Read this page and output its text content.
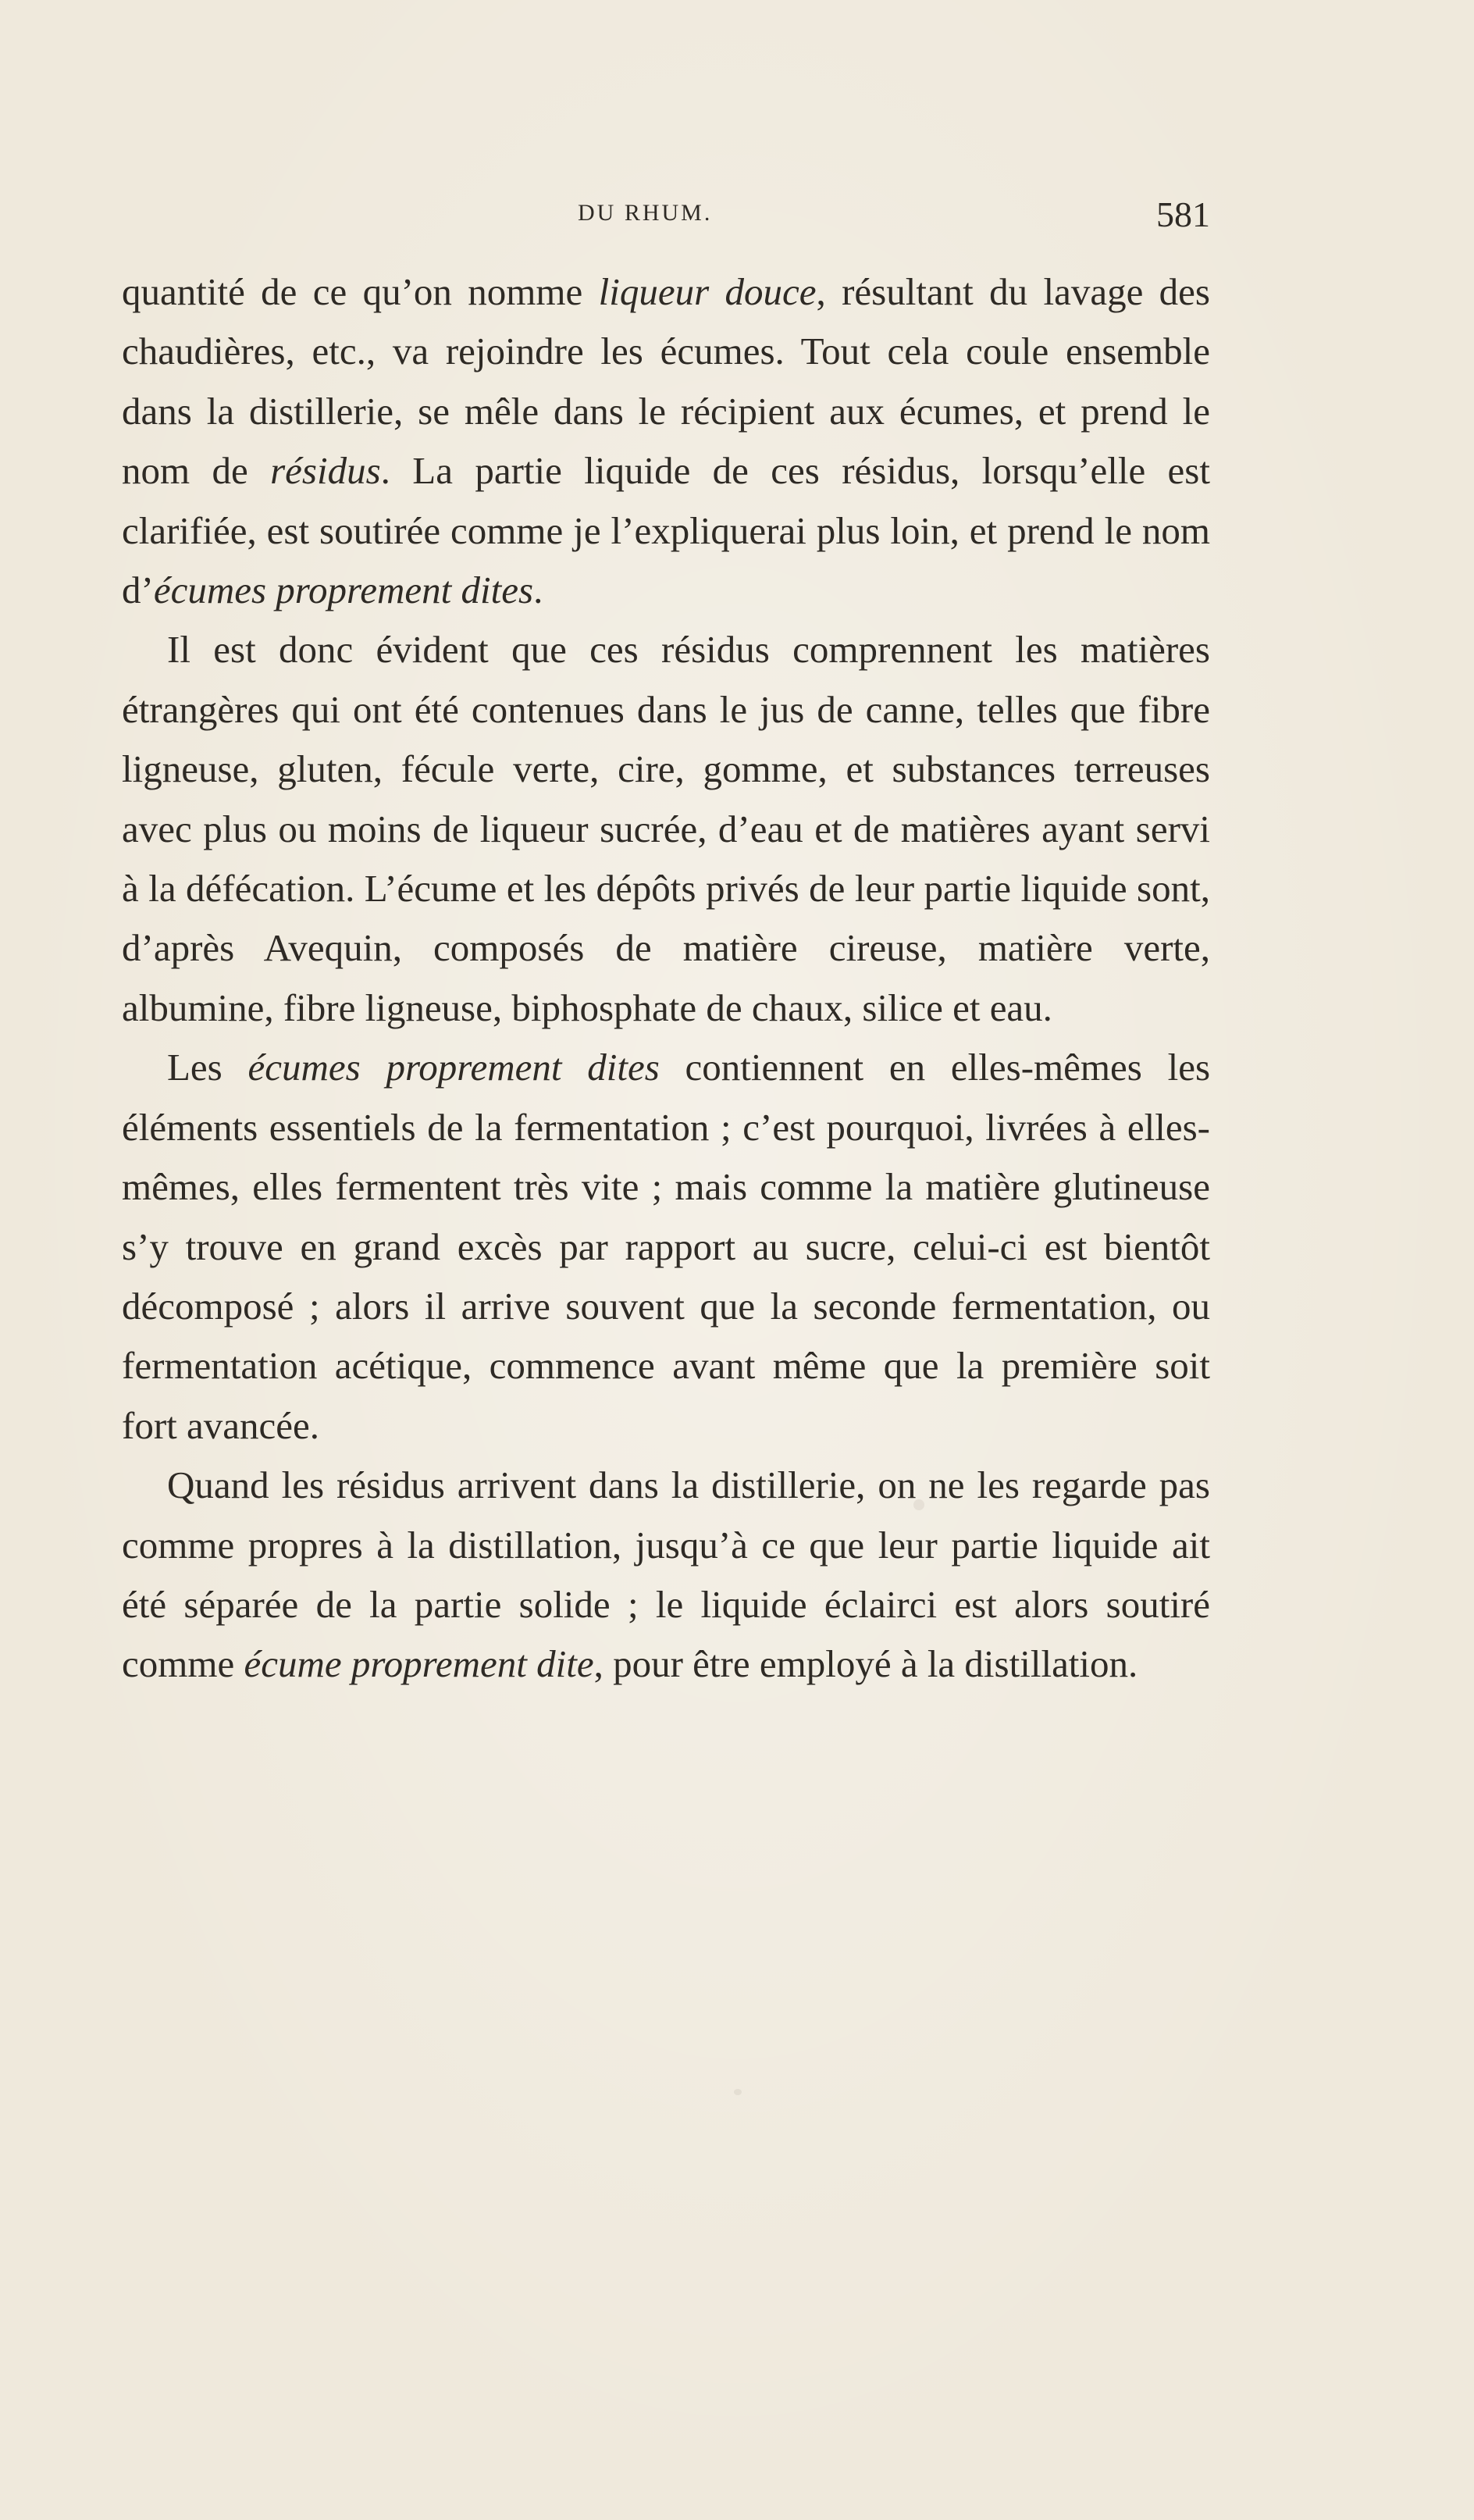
DU RHUM.	581

quantité de ce qu’on nomme liqueur douce, résultant du lavage des chaudières, etc., va rejoindre les écumes. Tout cela coule ensemble dans la distillerie, se mêle dans le récipient aux écumes, et prend le nom de résidus. La partie liquide de ces résidus, lorsqu’elle est clarifiée, est soutirée comme je l’expliquerai plus loin, et prend le nom d’écumes proprement dites.

Il est donc évident que ces résidus comprennent les matières étrangères qui ont été contenues dans le jus de canne, telles que fibre ligneuse, gluten, fécule verte, cire, gomme, et substances terreuses avec plus ou moins de liqueur sucrée, d’eau et de matières ayant servi à la défécation. L’écume et les dépôts privés de leur partie liquide sont, d’après Avequin, composés de matière cireuse, matière verte, albumine, fibre ligneuse, biphosphate de chaux, silice et eau.

Les écumes proprement dites contiennent en elles-mêmes les éléments essentiels de la fermentation ; c’est pourquoi, livrées à elles-mêmes, elles fermentent très vite ; mais comme la matière glutineuse s’y trouve en grand excès par rapport au sucre, celui-ci est bientôt décomposé ; alors il arrive souvent que la seconde fermentation, ou fermentation acétique, commence avant même que la première soit fort avancée.

Quand les résidus arrivent dans la distillerie, on ne les regarde pas comme propres à la distillation, jusqu’à ce que leur partie liquide ait été séparée de la partie solide ; le liquide éclairci est alors soutiré comme écume proprement dite, pour être employé à la distillation.
